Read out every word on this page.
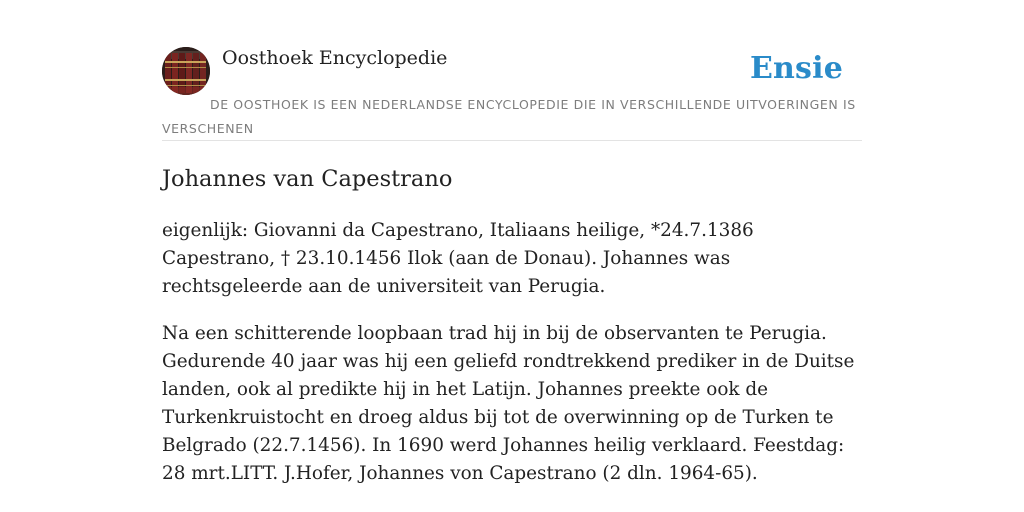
Oosthoek Encyclopedie	Ensie
DE OOSTHOEK IS EEN NEDERLANDSE ENCYCLOPEDIE DIE IN VERSCHILLENDE UITVOERINGEN IS VERSCHENEN
Johannes van Capestrano

eigenlijk: Giovanni da Capestrano, Italiaans heilige, *24.7.1386 Capestrano, † 23.10.1456 Ilok (aan de Donau). Johannes was rechtsgeleerde aan de universiteit van Perugia.

Na een schitterende loopbaan trad hij in bij de observanten te Perugia. Gedurende 40 jaar was hij een geliefd rondtrekkend prediker in de Duitse landen, ook al predikte hij in het Latijn. Johannes preekte ook de Turkenkruistocht en droeg aldus bij tot de overwinning op de Turken te Belgrado (22.7.1456). In 1690 werd Johannes heilig verklaard. Feestdag: 28 mrt.LITT. J.Hofer, Johannes von Capestrano (2 dln. 1964-65).
